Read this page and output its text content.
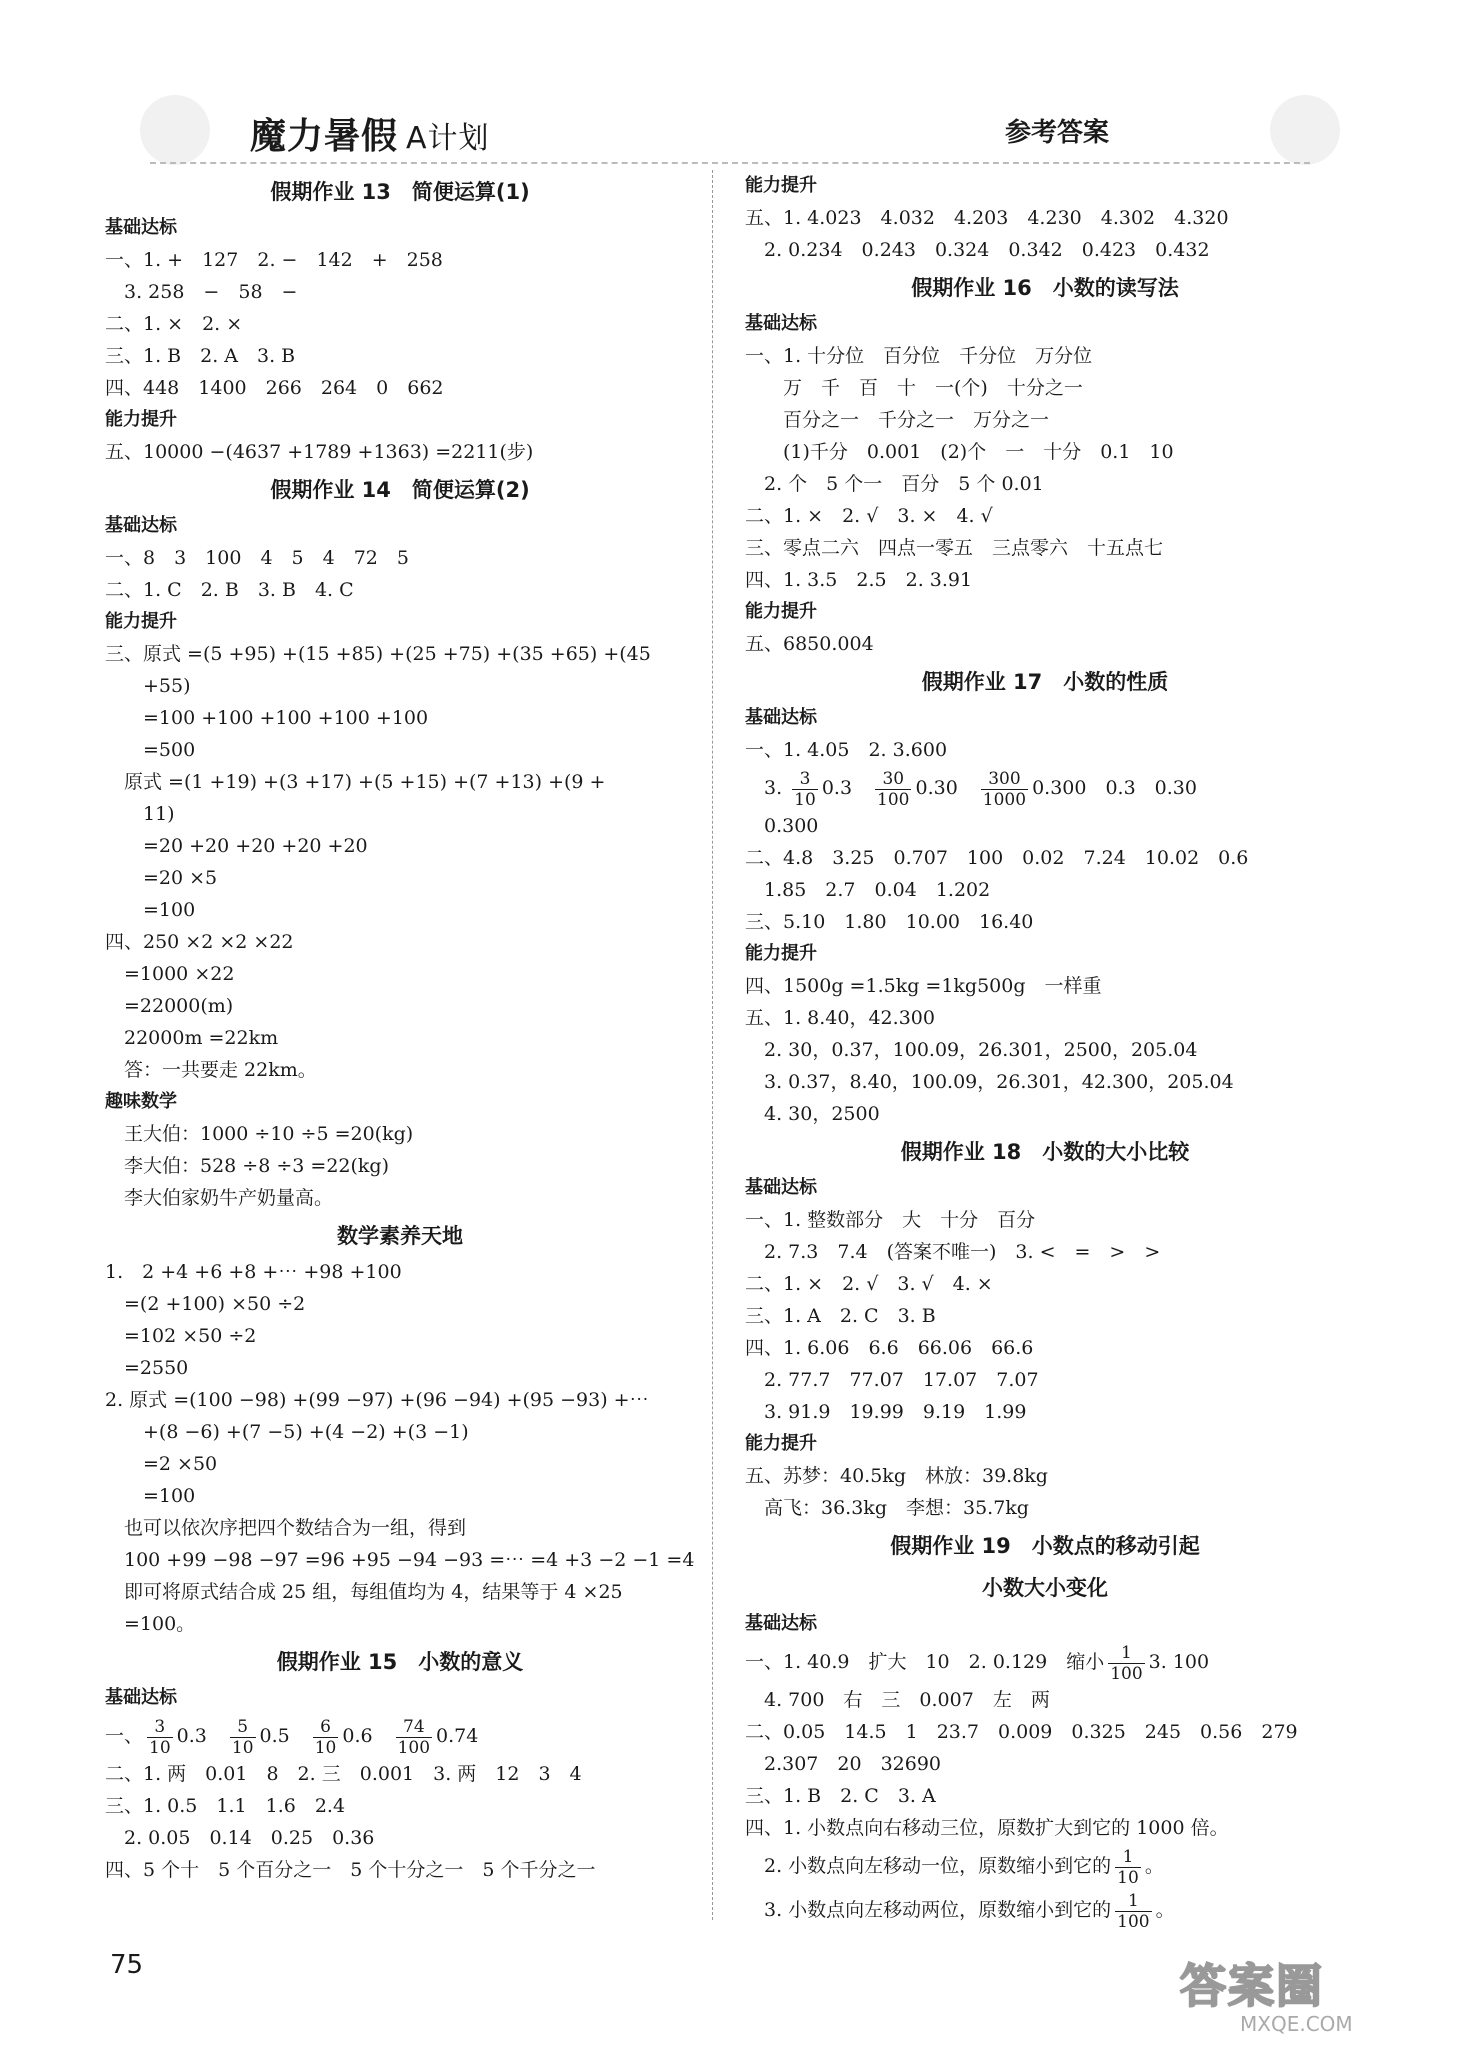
魔力暑假 A计划	参考答案
假期作业 13　简便运算(1)
基础达标
一、1. +　127　2. −　142　+　258
　3. 258　−　58　−
二、1. ×　2. ×
三、1. B　2. A　3. B
四、448　1400　266　264　0　662
能力提升
五、10000 −(4637 +1789 +1363) =2211(步)
假期作业 14　简便运算(2)
基础达标
一、8　3　100　4　5　4　72　5
二、1. C　2. B　3. B　4. C
能力提升
三、原式 =(5 +95) +(15 +85) +(25 +75) +(35 +65) +(45
　　+55)
　　=100 +100 +100 +100 +100
　　=500
　原式 =(1 +19) +(3 +17) +(5 +15) +(7 +13) +(9 +
　　11)
　　=20 +20 +20 +20 +20
　　=20 ×5
　　=100
四、250 ×2 ×2 ×22
　=1000 ×22
　=22000(m)
　22000m =22km
　答：一共要走 22km。
趣味数学
　王大伯：1000 ÷10 ÷5 =20(kg)
　李大伯：528 ÷8 ÷3 =22(kg)
　李大伯家奶牛产奶量高。
数学素养天地
1.　2 +4 +6 +8 +⋯ +98 +100
　=(2 +100) ×50 ÷2
　=102 ×50 ÷2
　=2550
2. 原式 =(100 −98) +(99 −97) +(96 −94) +(95 −93) +⋯
　　+(8 −6) +(7 −5) +(4 −2) +(3 −1)
　　=2 ×50
　　=100
　也可以依次序把四个数结合为一组，得到
　100 +99 −98 −97 =96 +95 −94 −93 =⋯ =4 +3 −2 −1 =4
　即可将原式结合成 25 组，每组值均为 4，结果等于 4 ×25
　=100。
假期作业 15　小数的意义
基础达标
一、 $\frac{3}{10} 0.3$　 $\frac{5}{10} 0.5$　 $\frac{6}{10} 0.6$　 $\frac{74}{100} 0.74$
二、1. 两　0.01　8　2. 三　0.001　3. 两　12　3　4
三、1. 0.5　1.1　1.6　2.4
　2. 0.05　0.14　0.25　0.36
四、5 个十　5 个百分之一　5 个十分之一　5 个千分之一
能力提升
五、1. 4.023　4.032　4.203　4.230　4.302　4.320
　2. 0.234　0.243　0.324　0.342　0.423　0.432
假期作业 16　小数的读写法
基础达标
一、1. 十分位　百分位　千分位　万分位
　　万　千　百　十　一(个)　十分之一
　　百分之一　千分之一　万分之一
　　(1)千分　0.001　(2)个　一　十分　0.1　10
　2. 个　5 个一　百分　5 个 0.01
二、1. ×　2. √　3. ×　4. √
三、零点二六　四点一零五　三点零六　十五点七
四、1. 3.5　2.5　2. 3.91
能力提升
五、6850.004
假期作业 17　小数的性质
基础达标
一、1. 4.05　2. 3.600
　3. $\frac{3}{10} 0.3$　 $\frac{30}{100} 0.30$　 $\frac{300}{1000} 0.300$　0.3　0.30
　0.300
二、4.8　3.25　0.707　100　0.02　7.24　10.02　0.6
　1.85　2.7　0.04　1.202
三、5.10　1.80　10.00　16.40
能力提升
四、1500g =1.5kg =1kg500g　一样重
五、1. 8.40，42.300
　2. 30，0.37，100.09，26.301，2500，205.04
　3. 0.37，8.40，100.09，26.301，42.300，205.04
　4. 30，2500
假期作业 18　小数的大小比较
基础达标
一、1. 整数部分　大　十分　百分
　2. 7.3　7.4　(答案不唯一)　3. <　=　>　>
二、1. ×　2. √　3. √　4. ×
三、1. A　2. C　3. B
四、1. 6.06　6.6　66.06　66.6
　2. 77.7　77.07　17.07　7.07
　3. 91.9　19.99　9.19　1.99
能力提升
五、苏梦：40.5kg　林放：39.8kg
　高飞：36.3kg　李想：35.7kg
假期作业 19　小数点的移动引起
小数大小变化
基础达标
一、1. 40.9　扩大　10　2. 0.129　缩小 $\frac{1}{100} 3$. 100
　4. 700　右　三　0.007　左　两
二、0.05　14.5　1　23.7　0.009　0.325　245　0.56　279
　2.307　20　32690
三、1. B　2. C　3. A
四、1. 小数点向右移动三位，原数扩大到它的 1000 倍。
　2. 小数点向左移动一位，原数缩小到它的 $\frac{1}{10}$ 。
　3. 小数点向左移动两位，原数缩小到它的 $\frac{1}{100}$ 。
75	答案圈
MXQE.COM
